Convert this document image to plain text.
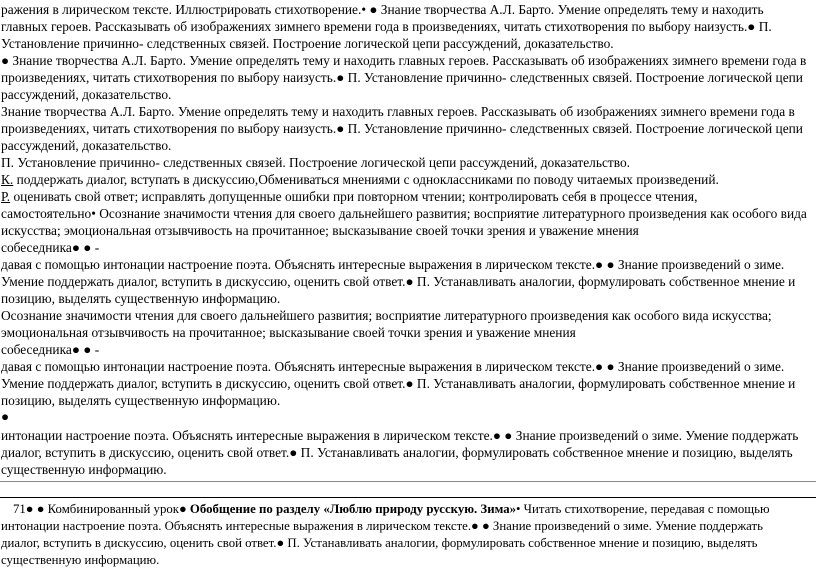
ражения в лирическом тексте. Иллюстрировать стихотворение.• ● Знание творчества А.Л. Барто. Умение определять тему и находить

главных героев. Рассказывать об изображениях зимнего времени года в произведениях, читать стихотворения по выбору наизусть.● П.

Установление причинно- следственных связей. Построение логической цепи рассуждений, доказательство.

● Знание творчества А.Л. Барто. Умение определять тему и находить главных героев. Рассказывать об изображениях зимнего времени года в

произведениях, читать стихотворения по выбору наизусть.● П. Установление причинно- следственных связей. Построение логической цепи

рассуждений, доказательство.

Знание творчества А.Л. Барто. Умение определять тему и находить главных героев. Рассказывать об изображениях зимнего времени года в

произведениях, читать стихотворения по выбору наизусть.● П. Установление причинно- следственных связей. Построение логической цепи

рассуждений, доказательство.

П. Установление причинно- следственных связей. Построение логической цепи рассуждений, доказательство.

К. поддержать диалог, вступать в дискуссию,Обмениваться мнениями с одноклассниками по поводу читаемых произведений.

Р. оценивать свой ответ; исправлять допущенные ошибки при повторном чтении; контролировать себя в процессе чтения,

самостоятельно• Осознание значимости чтения для своего дальнейшего развития; восприятие литературного произведения как особого вида

искусства; эмоциональная отзывчивость на прочитанное; высказывание своей точки зрения и уважение мнения

собеседника● ● -

давая с помощью интонации настроение поэта. Объяснять интересные выражения в лирическом тексте.● ● Знание произведений о зиме.

Умение поддержать диалог, вступить в дискуссию, оценить свой ответ.● П. Устанавливать аналогии, формулировать собственное мнение и

позицию, выделять существенную информацию.

Осознание значимости чтения для своего дальнейшего развития; восприятие литературного произведения как особого вида искусства;

эмоциональная отзывчивость на прочитанное; высказывание своей точки зрения и уважение мнения

собеседника● ● -

давая с помощью интонации настроение поэта. Объяснять интересные выражения в лирическом тексте.● ● Знание произведений о зиме.

Умение поддержать диалог, вступить в дискуссию, оценить свой ответ.● П. Устанавливать аналогии, формулировать собственное мнение и

позицию, выделять существенную информацию.

●

интонации настроение поэта. Объяснять интересные выражения в лирическом тексте.● ● Знание произведений о зиме. Умение поддержать

диалог, вступить в дискуссию, оценить свой ответ.● П. Устанавливать аналогии, формулировать собственное мнение и позицию, выделять

существенную информацию.

71● ● Комбинированный урок● Обобщение по разделу «Люблю природу русскую. Зима»• Читать стихотворение, передавая с помощью

интонации настроение поэта. Объяснять интересные выражения в лирическом тексте.● ● Знание произведений о зиме. Умение поддержать

диалог, вступить в дискуссию, оценить свой ответ.● П. Устанавливать аналогии, формулировать собственное мнение и позицию, выделять

существенную информацию.
